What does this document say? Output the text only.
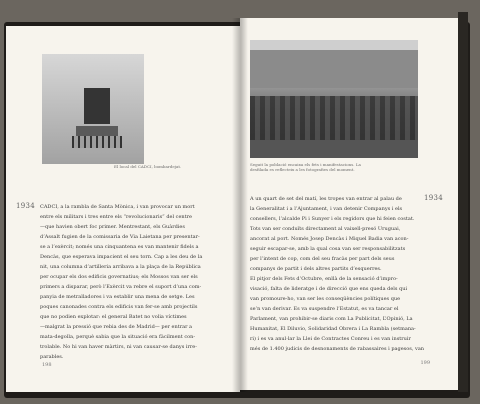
El local del CADCI, bombardejat.
1934 CADCI, a la rambla de Santa Mònica, i van provocar un mort
entre els militars i tres entre els “revolucionaris” del centre
—que havien obert foc primer. Mentrestant, els Guàrdies
d’Assalt fugien de la comissaria de Via Laietana per presentar-
se a l’exèrcit; només una cinquantena es van mantenir fidels a
Dencàs, que esperava impacient el seu torn. Cap a les deu de la
nit, una columna d’artilleria arribava a la plaça de la República
per ocupar els dos edificis governatius; els Mossos van ser els
primers a disparar, però l’Exèrcit va rebre el suport d’una com-
panyia de metralladores i va establir una mena de setge. Les
poques canonades contra els edificis van fer-se amb projectils
que no podien explotar: el general Batet no volia víctimes
—malgrat la pressió que rebia des de Madrid— per entrar a
mata-degolla, perquè sabia que la situació era fàcilment con-
trolable. No hi van haver màrtirs, ni van causar-se danys irre-
parables.
198
Seguit la població encaixa els fets i manifestacions. La desfilada es reflecteix a les fotografies del moment.
1934
A un quart de set del matí, les tropes van entrar al palau de
la Generalitat i a l’Ajuntament, i van detenir Companys i els
consellers, l’alcalde Pi i Sunyer i els regidors que hi feien costat.
Tots van ser conduïts directament al vaixell-presó Uruguai,
ancorat al port. Només Josep Dencàs i Miquel Badia van acon-
seguir escapar-se, amb la qual cosa van ser responsabilitzats
per l’intent de cop, com del seu fracàs per part dels seus
companys de partit i dels altres partits d’esquerres.
El pitjor dels Fets d’Octubre, enllà de la sensació d’impro-
visació, falta de lideratge i de direcció que ens queda dels qui
van promoure-ho, van ser les conseqüències polítiques que
se’n van derivar. Es va suspendre l’Estatut, es va tancar el
Parlament, van prohibir-se diaris com La Publicitat, L’Opinió, La
Humanitat, El Diluvio, Solidaridad Obrera i La Rambla (setmana-
ri) i es va anul·lar la Llei de Contractes Conreu i es van instruir
més de 1.400 judicis de desnonaments de rabassaires i pagesos, van
199
